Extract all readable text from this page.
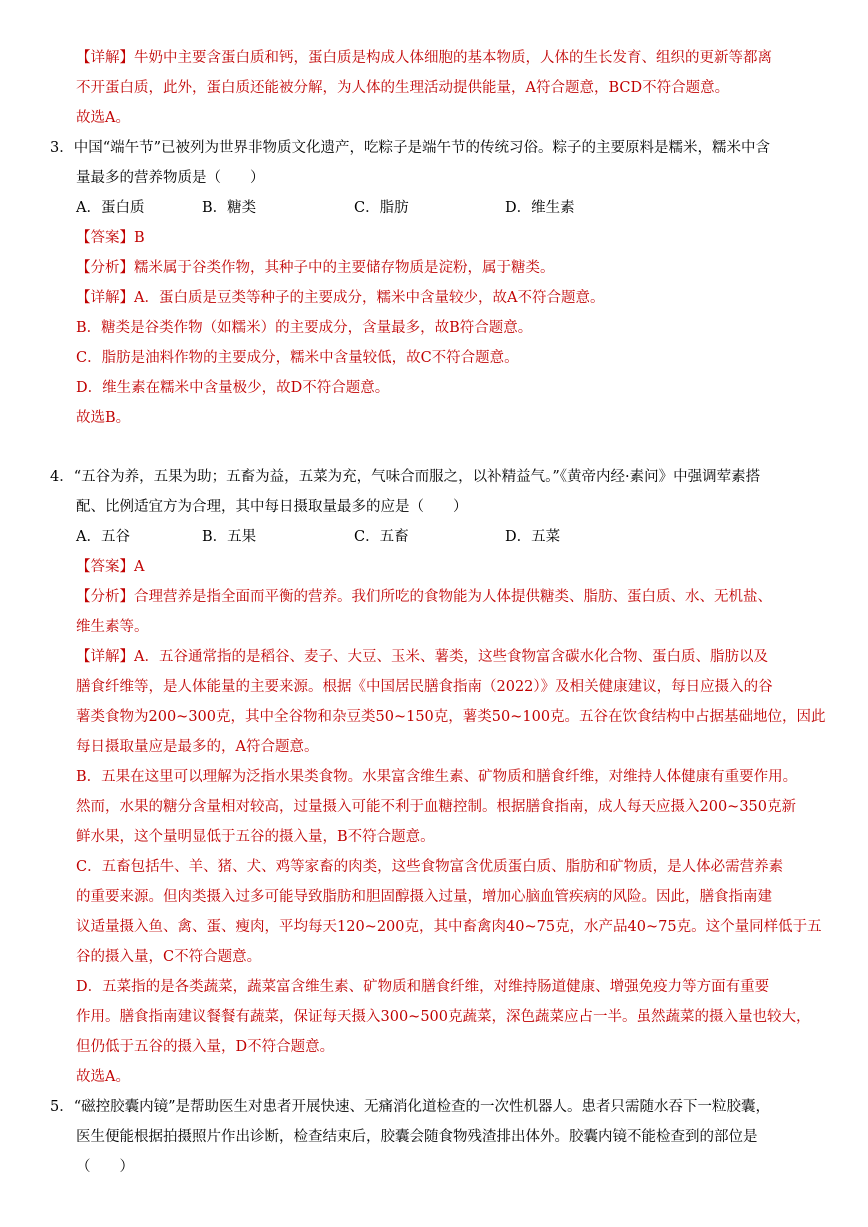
【详解】牛奶中主要含蛋白质和钙，蛋白质是构成人体细胞的基本物质，人体的生长发育、组织的更新等都离
不开蛋白质，此外，蛋白质还能被分解，为人体的生理活动提供能量，A符合题意，BCD不符合题意。
故选A。
3．中国“端午节”已被列为世界非物质文化遗产，吃粽子是端午节的传统习俗。粽子的主要原料是糯米，糯米中含
量最多的营养物质是（　　）
A．蛋白质	B．糖类	C．脂肪	D．维生素
【答案】B
【分析】糯米属于谷类作物，其种子中的主要储存物质是淀粉，属于糖类。
【详解】A．蛋白质是豆类等种子的主要成分，糯米中含量较少，故A不符合题意。
B．糖类是谷类作物（如糯米）的主要成分，含量最多，故B符合题意。
C．脂肪是油料作物的主要成分，糯米中含量较低，故C不符合题意。
D．维生素在糯米中含量极少，故D不符合题意。
故选B。
4．“五谷为养，五果为助；五畜为益，五菜为充，气味合而服之，以补精益气。”《黄帝内经·素问》中强调荤素搭
配、比例适宜方为合理，其中每日摄取量最多的应是（　　）
A．五谷	B．五果	C．五畜	D．五菜
【答案】A
【分析】合理营养是指全面而平衡的营养。我们所吃的食物能为人体提供糖类、脂肪、蛋白质、水、无机盐、
维生素等。
【详解】A．五谷通常指的是稻谷、麦子、大豆、玉米、薯类，这些食物富含碳水化合物、蛋白质、脂肪以及
膳食纤维等，是人体能量的主要来源。根据《中国居民膳食指南（2022）》及相关健康建议，每日应摄入的谷
薯类食物为200~300克，其中全谷物和杂豆类50~150克，薯类50~100克。五谷在饮食结构中占据基础地位，因此
每日摄取量应是最多的，A符合题意。
B．五果在这里可以理解为泛指水果类食物。水果富含维生素、矿物质和膳食纤维，对维持人体健康有重要作用。
然而，水果的糖分含量相对较高，过量摄入可能不利于血糖控制。根据膳食指南，成人每天应摄入200~350克新
鲜水果，这个量明显低于五谷的摄入量，B不符合题意。
C．五畜包括牛、羊、猪、犬、鸡等家畜的肉类，这些食物富含优质蛋白质、脂肪和矿物质，是人体必需营养素
的重要来源。但肉类摄入过多可能导致脂肪和胆固醇摄入过量，增加心脑血管疾病的风险。因此，膳食指南建
议适量摄入鱼、禽、蛋、瘦肉，平均每天120~200克，其中畜禽肉40~75克，水产品40~75克。这个量同样低于五
谷的摄入量，C不符合题意。
D．五菜指的是各类蔬菜，蔬菜富含维生素、矿物质和膳食纤维，对维持肠道健康、增强免疫力等方面有重要
作用。膳食指南建议餐餐有蔬菜，保证每天摄入300~500克蔬菜，深色蔬菜应占一半。虽然蔬菜的摄入量也较大，
但仍低于五谷的摄入量，D不符合题意。
故选A。
5．“磁控胶囊内镜”是帮助医生对患者开展快速、无痛消化道检查的一次性机器人。患者只需随水吞下一粒胶囊，
医生便能根据拍摄照片作出诊断，检查结束后，胶囊会随食物残渣排出体外。胶囊内镜不能检查到的部位是
（　　）
